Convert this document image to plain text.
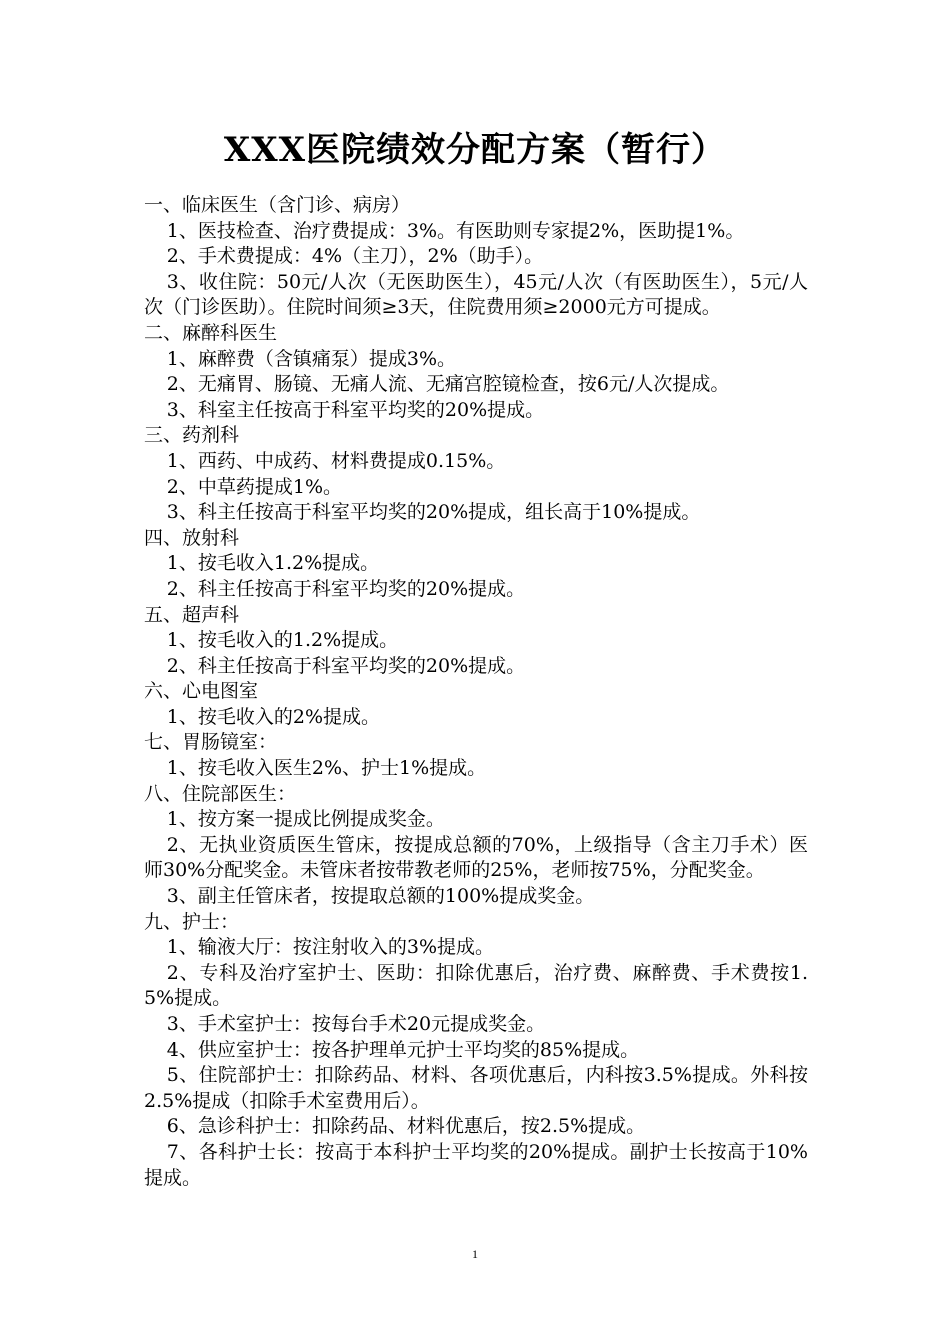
XXX医院绩效分配方案（暂行）

一、临床医生（含门诊、病房）

1、医技检查、治疗费提成：3%。有医助则专家提2%，医助提1%。

2、手术费提成：4%（主刀），2%（助手）。

3、收住院：50元/人次（无医助医生），45元/人次（有医助医生），5元/人次（门诊医助）。住院时间须≥3天，住院费用须≥2000元方可提成。

二、麻醉科医生

1、麻醉费（含镇痛泵）提成3%。

2、无痛胃、肠镜、无痛人流、无痛宫腔镜检查，按6元/人次提成。

3、科室主任按高于科室平均奖的20%提成。

三、药剂科

1、西药、中成药、材料费提成0.15%。

2、中草药提成1%。

3、科主任按高于科室平均奖的20%提成，组长高于10%提成。

四、放射科

1、按毛收入1.2%提成。

2、科主任按高于科室平均奖的20%提成。

五、超声科

1、按毛收入的1.2%提成。

2、科主任按高于科室平均奖的20%提成。

六、心电图室

1、按毛收入的2%提成。

七、胃肠镜室：

1、按毛收入医生2%、护士1%提成。

八、住院部医生：

1、按方案一提成比例提成奖金。

2、无执业资质医生管床，按提成总额的70%，上级指导（含主刀手术）医师30%分配奖金。未管床者按带教老师的25%，老师按75%，分配奖金。

3、副主任管床者，按提取总额的100%提成奖金。

九、护士：

1、输液大厅：按注射收入的3%提成。

2、专科及治疗室护士、医助：扣除优惠后，治疗费、麻醉费、手术费按1.5%提成。

3、手术室护士：按每台手术20元提成奖金。

4、供应室护士：按各护理单元护士平均奖的85%提成。

5、住院部护士：扣除药品、材料、各项优惠后，内科按3.5%提成。外科按2.5%提成（扣除手术室费用后）。

6、急诊科护士：扣除药品、材料优惠后，按2.5%提成。

7、各科护士长：按高于本科护士平均奖的20%提成。副护士长按高于10%提成。

1
